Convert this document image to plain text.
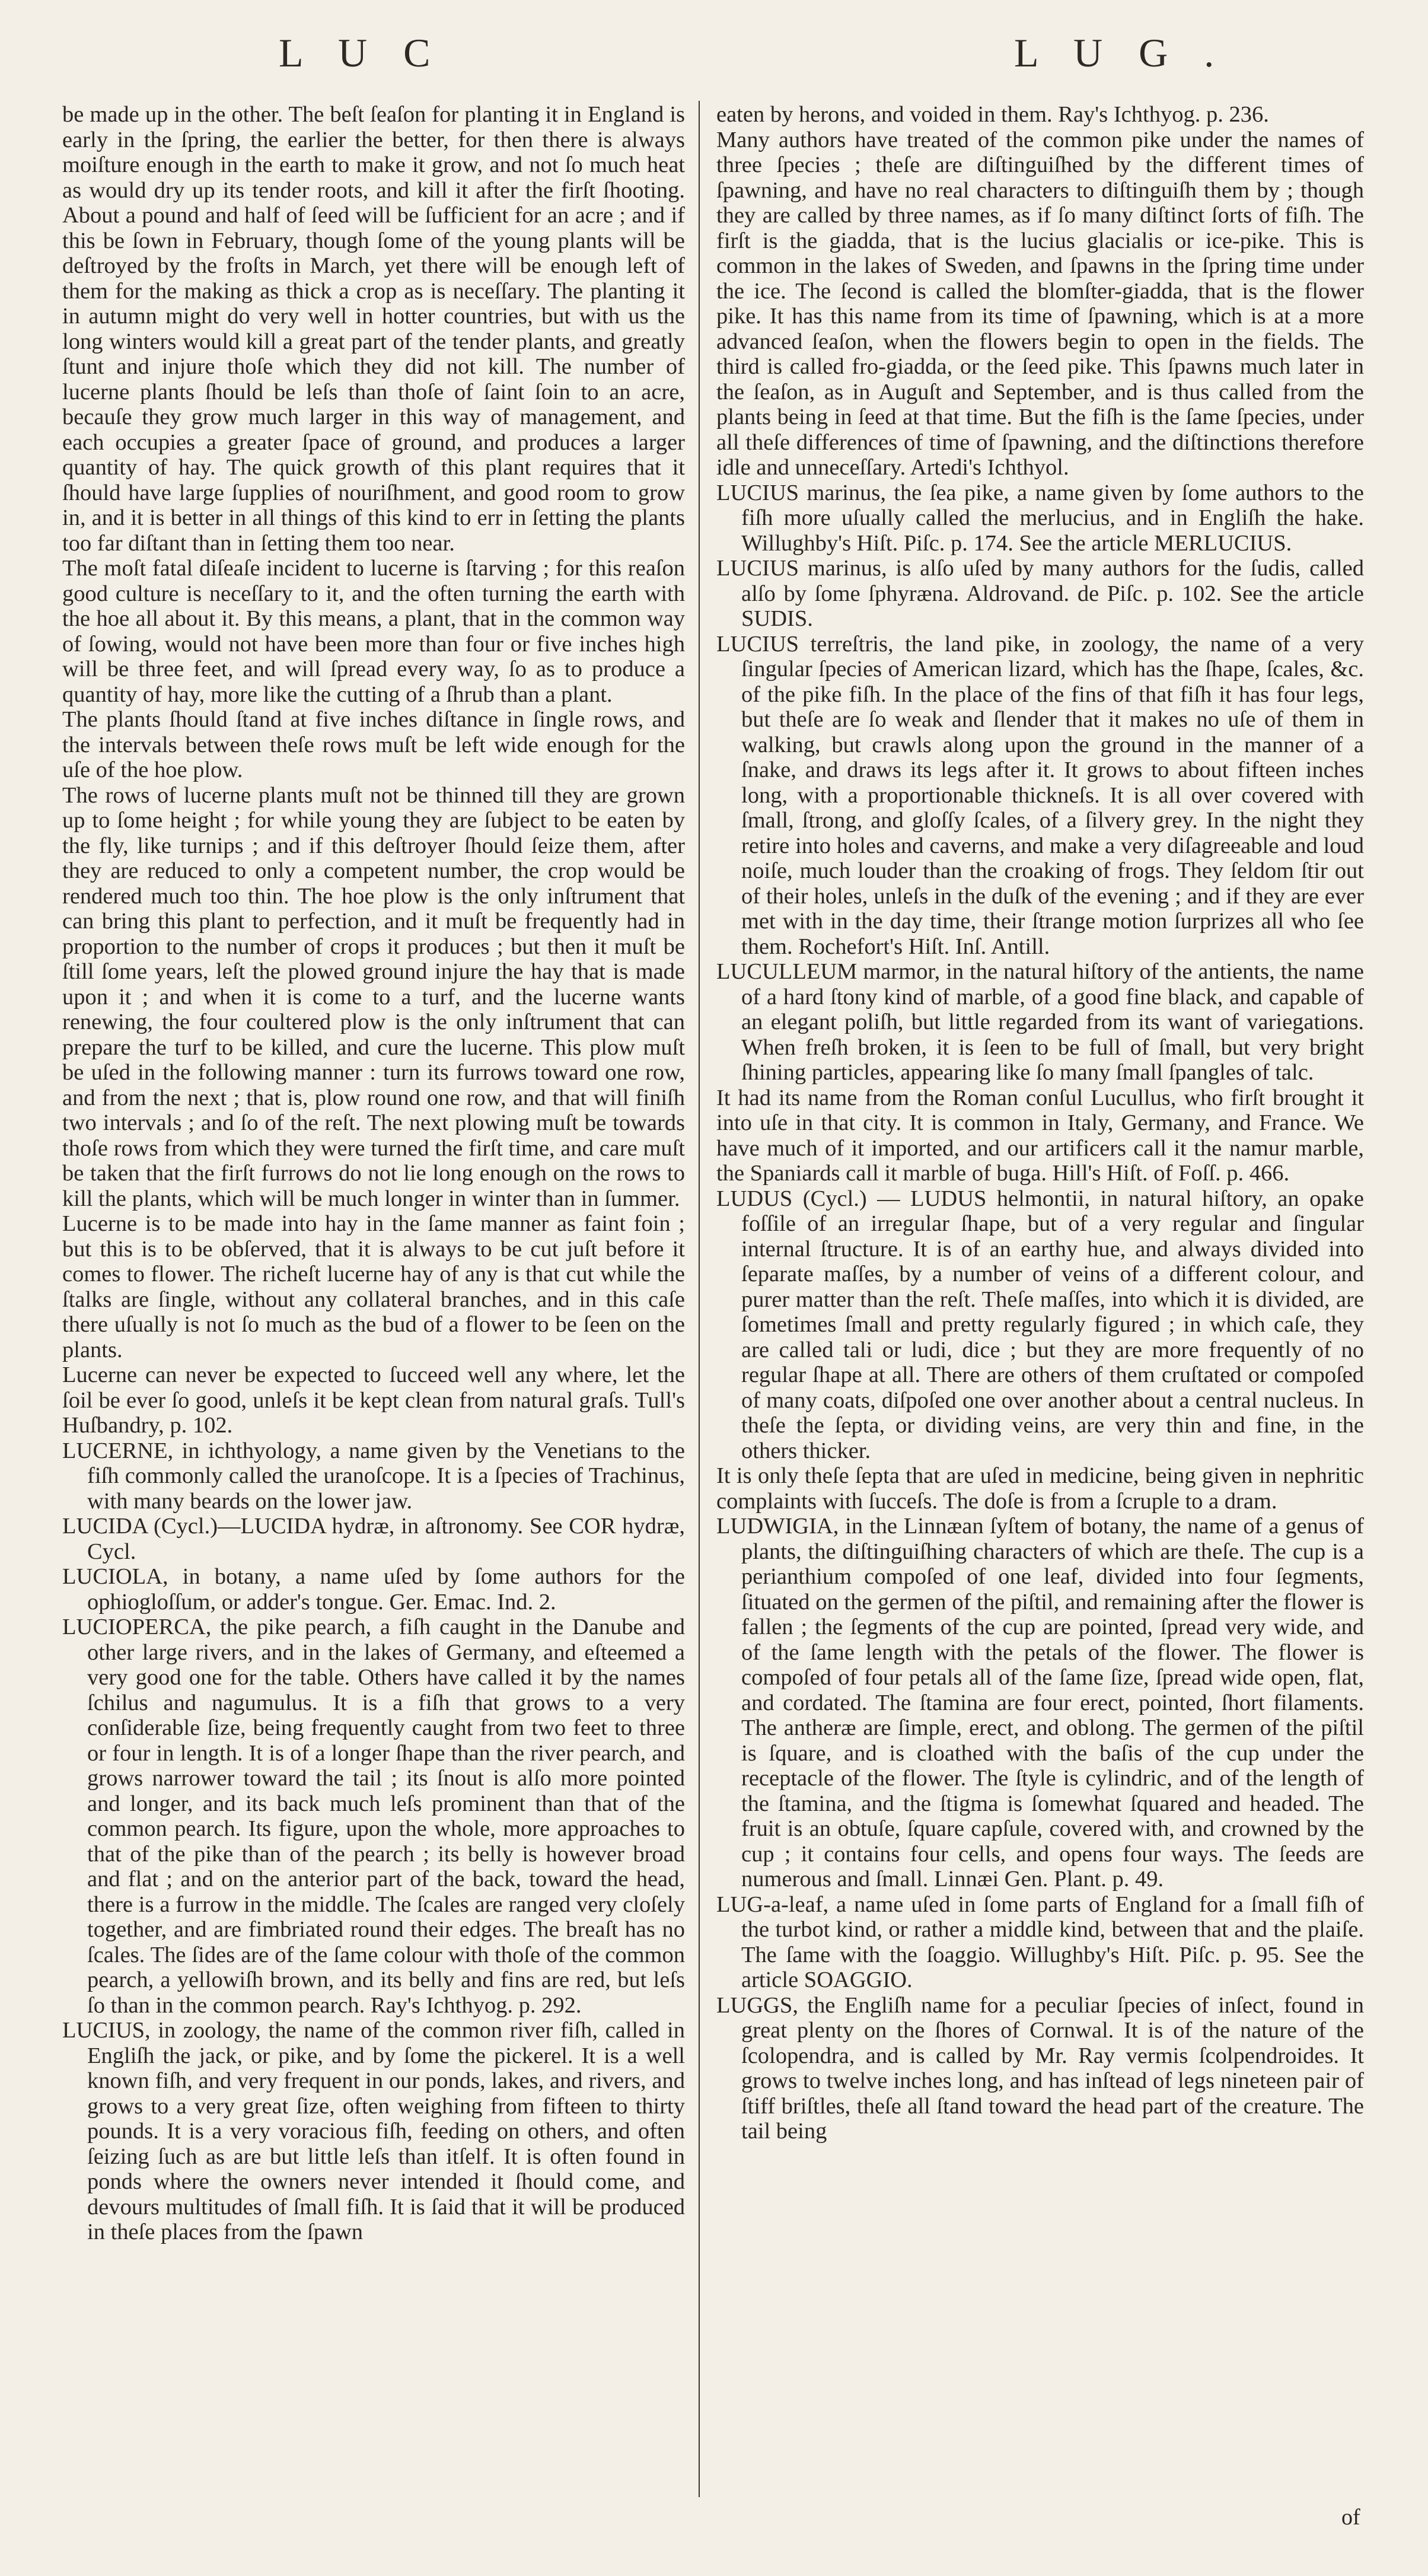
L U C	L U G .

be made up in the other. The beſt ſeaſon for planting it in England is early in the ſpring, the earlier the better, for then there is always moiſture enough in the earth to make it grow, and not ſo much heat as would dry up its tender roots, and kill it after the firſt ſhooting. About a pound and half of ſeed will be ſufficient for an acre ; and if this be ſown in February, though ſome of the young plants will be deſtroyed by the froſts in March, yet there will be enough left of them for the making as thick a crop as is neceſſary. The planting it in autumn might do very well in hotter countries, but with us the long winters would kill a great part of the tender plants, and greatly ſtunt and injure thoſe which they did not kill. The number of lucerne plants ſhould be leſs than thoſe of ſaint ſoin to an acre, becauſe they grow much larger in this way of management, and each occupies a greater ſpace of ground, and produces a larger quantity of hay. The quick growth of this plant requires that it ſhould have large ſupplies of nouriſhment, and good room to grow in, and it is better in all things of this kind to err in ſetting the plants too far diſtant than in ſetting them too near.

The moſt fatal diſeaſe incident to lucerne is ſtarving ; for this reaſon good culture is neceſſary to it, and the often turning the earth with the hoe all about it. By this means, a plant, that in the common way of ſowing, would not have been more than four or five inches high will be three feet, and will ſpread every way, ſo as to produce a quantity of hay, more like the cutting of a ſhrub than a plant.

The plants ſhould ſtand at five inches diſtance in ſingle rows, and the intervals between theſe rows muſt be left wide enough for the uſe of the hoe plow.

The rows of lucerne plants muſt not be thinned till they are grown up to ſome height ; for while young they are ſubject to be eaten by the fly, like turnips ; and if this deſtroyer ſhould ſeize them, after they are reduced to only a competent number, the crop would be rendered much too thin. The hoe plow is the only inſtrument that can bring this plant to perfection, and it muſt be frequently had in proportion to the number of crops it produces ; but then it muſt be ſtill ſome years, leſt the plowed ground injure the hay that is made upon it ; and when it is come to a turf, and the lucerne wants renewing, the four coultered plow is the only inſtrument that can prepare the turf to be killed, and cure the lucerne. This plow muſt be uſed in the following manner : turn its furrows toward one row, and from the next ; that is, plow round one row, and that will finiſh two intervals ; and ſo of the reſt. The next plowing muſt be towards thoſe rows from which they were turned the firſt time, and care muſt be taken that the firſt furrows do not lie long enough on the rows to kill the plants, which will be much longer in winter than in ſummer.

Lucerne is to be made into hay in the ſame manner as faint foin ; but this is to be obſerved, that it is always to be cut juſt before it comes to flower. The richeſt lucerne hay of any is that cut while the ſtalks are ſingle, without any collateral branches, and in this caſe there uſually is not ſo much as the bud of a flower to be ſeen on the plants.

Lucerne can never be expected to ſucceed well any where, let the ſoil be ever ſo good, unleſs it be kept clean from natural graſs. Tull's Huſbandry, p. 102.

LUCERNE, in ichthyology, a name given by the Venetians to the fiſh commonly called the uranoſcope. It is a ſpecies of Trachinus, with many beards on the lower jaw.

LUCIDA (Cycl.)—LUCIDA hydræ, in aſtronomy. See COR hydræ, Cycl.

LUCIOLA, in botany, a name uſed by ſome authors for the ophiogloſſum, or adder's tongue. Ger. Emac. Ind. 2.

LUCIOPERCA, the pike pearch, a fiſh caught in the Danube and other large rivers, and in the lakes of Germany, and eſteemed a very good one for the table. Others have called it by the names ſchilus and nagumulus. It is a fiſh that grows to a very conſiderable ſize, being frequently caught from two feet to three or four in length. It is of a longer ſhape than the river pearch, and grows narrower toward the tail ; its ſnout is alſo more pointed and longer, and its back much leſs prominent than that of the common pearch. Its figure, upon the whole, more approaches to that of the pike than of the pearch ; its belly is however broad and flat ; and on the anterior part of the back, toward the head, there is a furrow in the middle. The ſcales are ranged very cloſely together, and are fimbriated round their edges. The breaſt has no ſcales. The ſides are of the ſame colour with thoſe of the common pearch, a yellowiſh brown, and its belly and fins are red, but leſs ſo than in the common pearch. Ray's Ichthyog. p. 292.

LUCIUS, in zoology, the name of the common river fiſh, called in Engliſh the jack, or pike, and by ſome the pickerel. It is a well known fiſh, and very frequent in our ponds, lakes, and rivers, and grows to a very great ſize, often weighing from fifteen to thirty pounds. It is a very voracious fiſh, feeding on others, and often ſeizing ſuch as are but little leſs than itſelf. It is often found in ponds where the owners never intended it ſhould come, and devours multitudes of ſmall fiſh. It is ſaid that it will be produced in theſe places from the ſpawn

eaten by herons, and voided in them. Ray's Ichthyog. p. 236.

Many authors have treated of the common pike under the names of three ſpecies ; theſe are diſtinguiſhed by the different times of ſpawning, and have no real characters to diſtinguiſh them by ; though they are called by three names, as if ſo many diſtinct ſorts of fiſh. The firſt is the giadda, that is the lucius glacialis or ice-pike. This is common in the lakes of Sweden, and ſpawns in the ſpring time under the ice. The ſecond is called the blomſter-giadda, that is the flower pike. It has this name from its time of ſpawning, which is at a more advanced ſeaſon, when the flowers begin to open in the fields. The third is called fro-giadda, or the ſeed pike. This ſpawns much later in the ſeaſon, as in Auguſt and September, and is thus called from the plants being in ſeed at that time. But the fiſh is the ſame ſpecies, under all theſe differences of time of ſpawning, and the diſtinctions therefore idle and unneceſſary. Artedi's Ichthyol.

LUCIUS marinus, the ſea pike, a name given by ſome authors to the fiſh more uſually called the merlucius, and in Engliſh the hake. Willughby's Hiſt. Piſc. p. 174. See the article MERLUCIUS.

LUCIUS marinus, is alſo uſed by many authors for the ſudis, called alſo by ſome ſphyræna. Aldrovand. de Piſc. p. 102. See the article SUDIS.

LUCIUS terreſtris, the land pike, in zoology, the name of a very ſingular ſpecies of American lizard, which has the ſhape, ſcales, &c. of the pike fiſh. In the place of the fins of that fiſh it has four legs, but theſe are ſo weak and ſlender that it makes no uſe of them in walking, but crawls along upon the ground in the manner of a ſnake, and draws its legs after it. It grows to about fifteen inches long, with a proportionable thickneſs. It is all over covered with ſmall, ſtrong, and gloſſy ſcales, of a ſilvery grey. In the night they retire into holes and caverns, and make a very diſagreeable and loud noiſe, much louder than the croaking of frogs. They ſeldom ſtir out of their holes, unleſs in the duſk of the evening ; and if they are ever met with in the day time, their ſtrange motion ſurprizes all who ſee them. Rochefort's Hiſt. Inſ. Antill.

LUCULLEUM marmor, in the natural hiſtory of the antients, the name of a hard ſtony kind of marble, of a good fine black, and capable of an elegant poliſh, but little regarded from its want of variegations. When freſh broken, it is ſeen to be full of ſmall, but very bright ſhining particles, appearing like ſo many ſmall ſpangles of talc.

It had its name from the Roman conſul Lucullus, who firſt brought it into uſe in that city. It is common in Italy, Germany, and France. We have much of it imported, and our artificers call it the namur marble, the Spaniards call it marble of buga. Hill's Hiſt. of Foſſ. p. 466.

LUDUS (Cycl.) — LUDUS helmontii, in natural hiſtory, an opake foſſile of an irregular ſhape, but of a very regular and ſingular internal ſtructure. It is of an earthy hue, and always divided into ſeparate maſſes, by a number of veins of a different colour, and purer matter than the reſt. Theſe maſſes, into which it is divided, are ſometimes ſmall and pretty regularly figured ; in which caſe, they are called tali or ludi, dice ; but they are more frequently of no regular ſhape at all. There are others of them cruſtated or compoſed of many coats, diſpoſed one over another about a central nucleus. In theſe the ſepta, or dividing veins, are very thin and fine, in the others thicker.

It is only theſe ſepta that are uſed in medicine, being given in nephritic complaints with ſucceſs. The doſe is from a ſcruple to a dram.

LUDWIGIA, in the Linnæan ſyſtem of botany, the name of a genus of plants, the diſtinguiſhing characters of which are theſe. The cup is a perianthium compoſed of one leaf, divided into four ſegments, ſituated on the germen of the piſtil, and remaining after the flower is fallen ; the ſegments of the cup are pointed, ſpread very wide, and of the ſame length with the petals of the flower. The flower is compoſed of four petals all of the ſame ſize, ſpread wide open, flat, and cordated. The ſtamina are four erect, pointed, ſhort filaments. The antheræ are ſimple, erect, and oblong. The germen of the piſtil is ſquare, and is cloathed with the baſis of the cup under the receptacle of the flower. The ſtyle is cylindric, and of the length of the ſtamina, and the ſtigma is ſomewhat ſquared and headed. The fruit is an obtuſe, ſquare capſule, covered with, and crowned by the cup ; it contains four cells, and opens four ways. The ſeeds are numerous and ſmall. Linnæi Gen. Plant. p. 49.

LUG-a-leaf, a name uſed in ſome parts of England for a ſmall fiſh of the turbot kind, or rather a middle kind, between that and the plaiſe. The ſame with the ſoaggio. Willughby's Hiſt. Piſc. p. 95. See the article SOAGGIO.

LUGGS, the Engliſh name for a peculiar ſpecies of inſect, found in great plenty on the ſhores of Cornwal. It is of the nature of the ſcolopendra, and is called by Mr. Ray vermis ſcolpendroides. It grows to twelve inches long, and has inſtead of legs nineteen pair of ſtiff briſtles, theſe all ſtand toward the head part of the creature. The tail being

of
